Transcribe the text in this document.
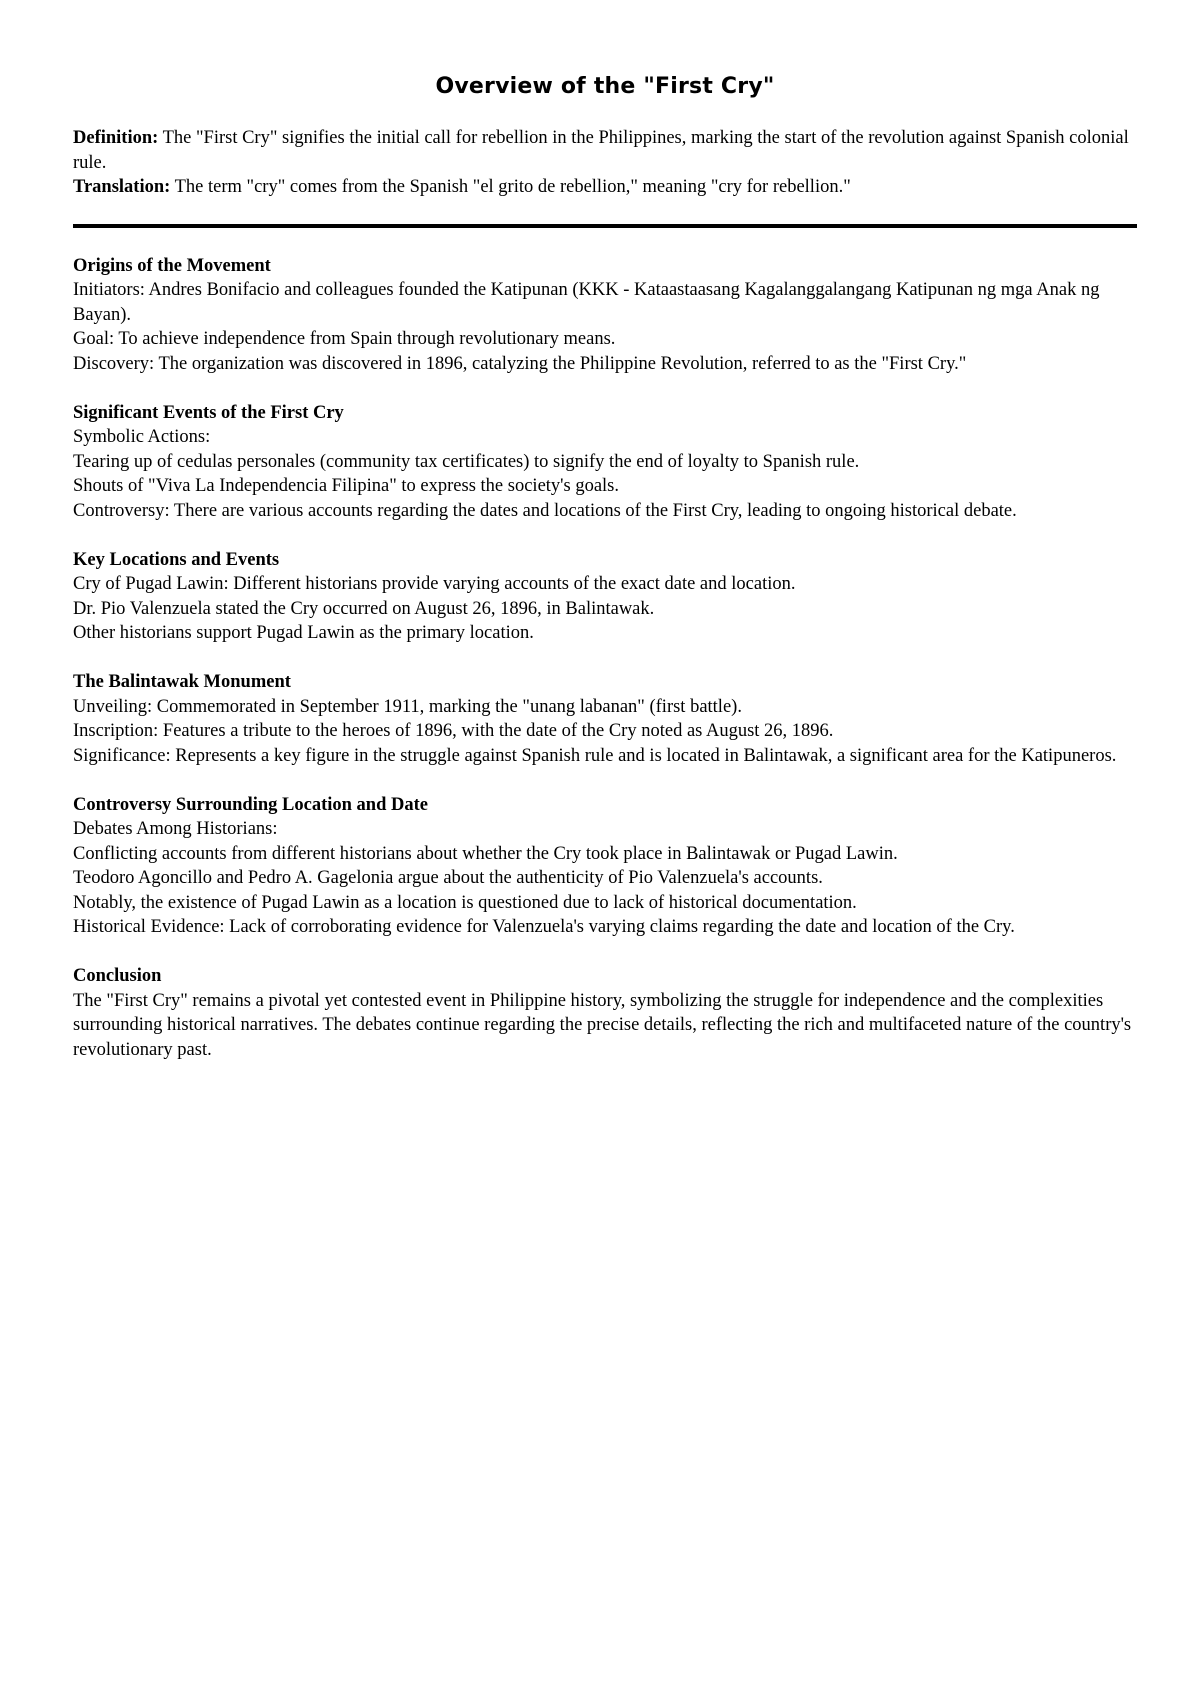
Overview of the "First Cry"

Definition: The "First Cry" signifies the initial call for rebellion in the Philippines, marking the start of the revolution against Spanish colonial rule.

Translation: The term "cry" comes from the Spanish "el grito de rebellion," meaning "cry for rebellion."

Origins of the Movement

Initiators: Andres Bonifacio and colleagues founded the Katipunan (KKK - Kataastaasang Kagalanggalangang Katipunan ng mga Anak ng Bayan).

Goal: To achieve independence from Spain through revolutionary means.

Discovery: The organization was discovered in 1896, catalyzing the Philippine Revolution, referred to as the "First Cry."

Significant Events of the First Cry

Symbolic Actions:

Tearing up of cedulas personales (community tax certificates) to signify the end of loyalty to Spanish rule.

Shouts of "Viva La Independencia Filipina" to express the society's goals.

Controversy: There are various accounts regarding the dates and locations of the First Cry, leading to ongoing historical debate.

Key Locations and Events

Cry of Pugad Lawin: Different historians provide varying accounts of the exact date and location.

Dr. Pio Valenzuela stated the Cry occurred on August 26, 1896, in Balintawak.

Other historians support Pugad Lawin as the primary location.

The Balintawak Monument

Unveiling: Commemorated in September 1911, marking the "unang labanan" (first battle).

Inscription: Features a tribute to the heroes of 1896, with the date of the Cry noted as August 26, 1896.

Significance: Represents a key figure in the struggle against Spanish rule and is located in Balintawak, a significant area for the Katipuneros.

Controversy Surrounding Location and Date

Debates Among Historians:

Conflicting accounts from different historians about whether the Cry took place in Balintawak or Pugad Lawin.

Teodoro Agoncillo and Pedro A. Gagelonia argue about the authenticity of Pio Valenzuela's accounts.

Notably, the existence of Pugad Lawin as a location is questioned due to lack of historical documentation.

Historical Evidence: Lack of corroborating evidence for Valenzuela's varying claims regarding the date and location of the Cry.

Conclusion

The "First Cry" remains a pivotal yet contested event in Philippine history, symbolizing the struggle for independence and the complexities surrounding historical narratives. The debates continue regarding the precise details, reflecting the rich and multifaceted nature of the country's revolutionary past.
